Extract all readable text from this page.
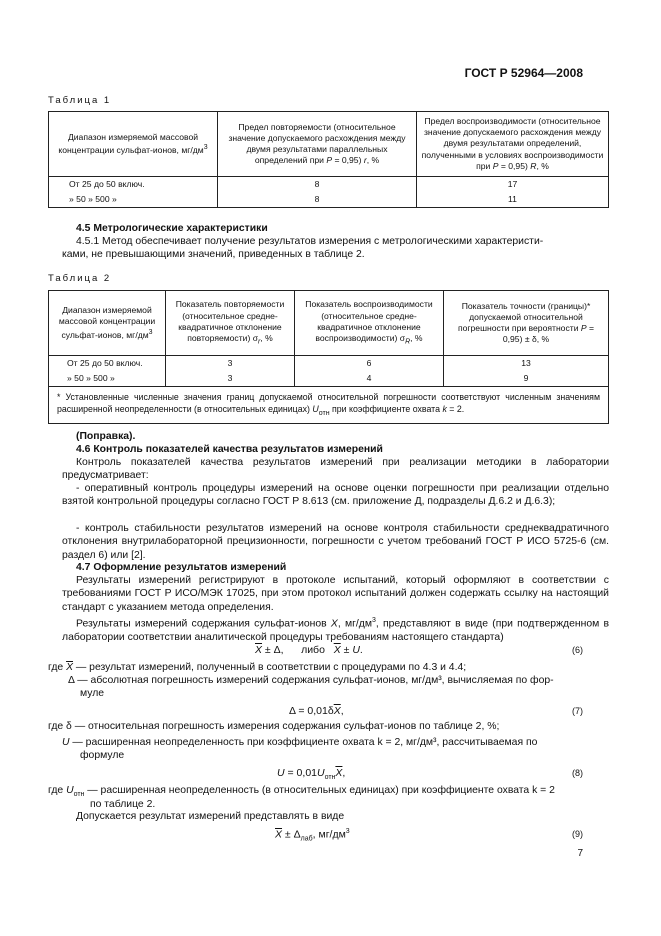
ГОСТ Р 52964—2008
Таблица 1
Диапазон измеряемой массовой концентрации сульфат-ионов, $мг/дм^3$	Предел повторяемости (относительное значение допускаемого расхождения между двумя результатами параллельных определений при P = 0,95) r, %	Предел воспроизводимости (относительное значение допускаемого расхождения между двумя результатами определений, полученными в условиях воспроизводимости при P = 0,95) R, %
От 25 до 50 включ.	8	17
» 50 » 500 »	8	11
4.5 Метрологические характеристики
4.5.1 Метод обеспечивает получение результатов измерения с метрологическими характеристи-
ками, не превышающими значений, приведенных в таблице 2.
Таблица 2
Диапазон измеряемой массовой концентрации сульфат-ионов, $мг/дм^3$	Показатель повторяемости (относительное средне-квадратичное отклонение повторяемости) $\sigma_r$, %	Показатель воспроизводимости (относительное средне-квадратичное отклонение воспроизводимости) $\sigma_R$, %	Показатель точности (границы)* допускаемой относительной погрешности при вероятности P = 0,95) ± δ, %
От 25 до 50 включ.	3	6	13
» 50 » 500 »	3	4	9
* Установленные численные значения границ допускаемой относительной погрешности соответствуют численным значениям расширенной неопределенности (в относительных единицах) $U_{отн}$ при коэффициенте охвата k = 2.			
(Поправка).
4.6 Контроль показателей качества результатов измерений
Контроль показателей качества результатов измерений при реализации методики в лаборатории предусматривает:
- оперативный контроль процедуры измерений на основе оценки погрешности при реализации отдельно взятой контрольной процедуры согласно ГОСТ Р 8.613 (см. приложение Д, подразделы Д.6.2 и Д.6.3);
- контроль стабильности результатов измерений на основе контроля стабильности среднеквадратичного отклонения внутрилабораторной прецизионности, погрешности с учетом требований ГОСТ Р ИСО 5725-6 (см. раздел 6) или [2].
4.7 Оформление результатов измерений
Результаты измерений регистрируют в протоколе испытаний, который оформляют в соответствии с требованиями ГОСТ Р ИСО/МЭК 17025, при этом протокол испытаний должен содержать ссылку на настоящий стандарт с указанием метода определения.
Результаты измерений содержания сульфат-ионов X, $мг/дм^3$, представляют в виде (при подтвержденном в лаборатории соответствии аналитической процедуры требованиям настоящего стандарта)
$\overline{X} \pm \Delta$,      либо $\overline{X} \pm U$.	(6)
где $\overline{X}$ — результат измерений, полученный в соответствии с процедурами по 4.3 и 4.4;
Δ — абсолютная погрешность измерений содержания сульфат-ионов, мг/дм³, вычисляемая по фор-
муле
$\Delta = 0,01\delta\overline{X}$,	(7)
где δ — относительная погрешность измерения содержания сульфат-ионов по таблице 2, %;
U — расширенная неопределенность при коэффициенте охвата k = 2, мг/дм³, рассчитываемая по
формуле
$U = 0,01U_{отн}\overline{X}$,	(8)
где $U_{отн}$ — расширенная неопределенность (в относительных единицах) при коэффициенте охвата k = 2
по таблице 2.
Допускается результат измерений представлять в виде
$\overline{X} \pm \Delta_{лаб}$, $мг/дм^3$	(9)
7
